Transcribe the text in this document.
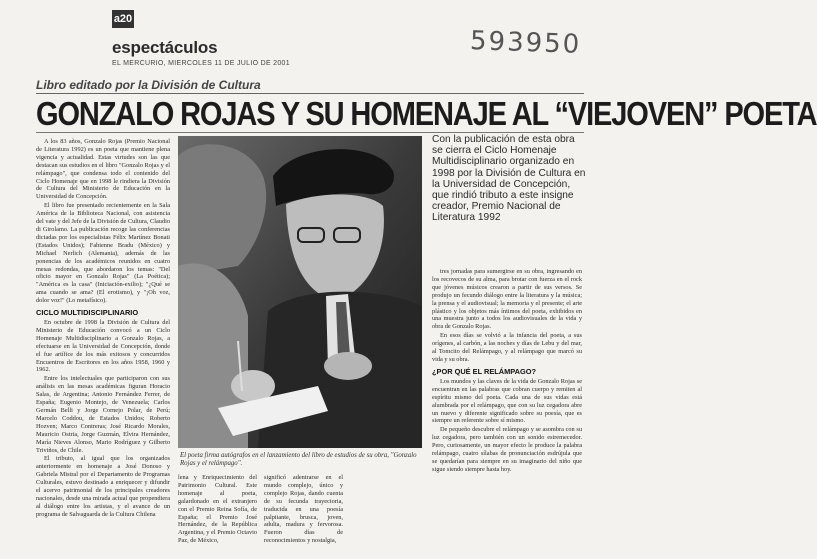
a20
espectáculos
EL MERCURIO, MIERCOLES 11 DE JULIO DE 2001
593950
Libro editado por la División de Cultura
GONZALO ROJAS Y SU HOMENAJE AL “VIEJOVEN” POETA

A los 83 años, Gonzalo Rojas (Premio Nacional de Literatura 1992) es un poeta que mantiene plena vigencia y actualidad. Estas virtudes son las que destacan sus estudios en el libro "Gonzalo Rojas y el relámpago", que condensa todo el contenido del Ciclo Homenaje que en 1998 le rindiera la División de Cultura del Ministerio de Educación en la Universidad de Concepción.

El libro fue presentado recientemente en la Sala América de la Biblioteca Nacional, con asistencia del vate y del Jefe de la División de Cultura, Claudio di Girolamo. La publicación recoge las conferencias dictadas por los especialistas Félix Martínez Bonati (Estados Unidos); Fabienne Bradu (México) y Michael Nerlich (Alemania), además de las ponencias de los académicos reunidos en cuatro mesas redondas, que abordaron los temas: "Del oficio mayor en Gonzalo Rojas" (La Poética); "América es la casa" (Iniciación-exilio); "¿Qué se ama cuando se ama? (El erotismo), y "¡Oh voz, dolor voz!" (Lo metafísico).

CICLO MULTIDISCIPLINARIO

En octubre de 1998 la División de Cultura del Ministerio de Educación convocó a un Ciclo Homenaje Multidisciplinario a Gonzalo Rojas, a efectuarse en la Universidad de Concepción, donde el fue artífice de los más exitosos y concurridos Encuentros de Escritores en los años 1958, 1960 y 1962.

Entre los intelectuales que participaron con sus análisis en las mesas académicas figuran Horacio Salas, de Argentina; Antonio Fernández Ferrer, de España; Eugenio Montejo, de Venezuela; Carlos Germán Belli y Jorge Cornejo Polar, de Perú; Marcelo Coddou, de Estados Unidos; Roberto Hozven; Marco Contreras; José Ricardo Morales, Mauricio Ostria, Jorge Guzmán, Elvira Hernández, María Nieves Alonso, Mario Rodríguez y Gilberto Triviños, de Chile.

El tributo, al igual que los organizados anteriormente en homenaje a José Donoso y Gabriela Mistral por el Departamento de Programas Culturales, estuvo destinado a enriquecer y difundir el acervo patrimonial de los principales creadores nacionales, desde una mirada actual que propendiera al diálogo entre los artistas, y el avance de un programa de Salvaguarda de la Cultura Chilena

El poeta firma autógrafos en el lanzamiento del libro de estudios de su obra, "Gonzalo Rojas y el relámpago".
lena y Enriquecimiento del Patrimonio Cultural. Este homenaje al poeta, galardonado en el extranjero con el Premio Reina Sofía, de España; el Premio José Hernández, de la República Argentina, y el Premio Octavio Paz, de México,
significó adentrarse en el mundo complejo, único y complejo Rojas, dando cuenta de su fecunda trayectoria, traducida en una poesía palpitante, brusca, joven, adulta, madura y fervorosa. Fueron días de reconocimientos y nostalgia,
Con la publicación de esta obra se cierra el Ciclo Homenaje Multidisciplinario organizado en 1998 por la División de Cultura en la Universidad de Concepción, que rindió tributo a este insigne creador, Premio Nacional de Literatura 1992

tres jornadas para sumergirse en su obra, ingresando en los recovecos de su alma, para brotar con fuerza en el rock que jóvenes músicos crearon a partir de sus versos. Se produjo un fecundo diálogo entre la literatura y la música; la prensa y el audiovisual; la memoria y el presente; el arte plástico y los objetos más íntimos del poeta, exhibidos en una muestra junto a todos los audiovisuales de la vida y obra de Gonzalo Rojas.

En esos días se volvió a la infancia del poeta, a sus orígenes, al carbón, a las noches y días de Lebu y del mar, al Tomcito del Relámpago, y al relámpago que marcó su vida y su obra.

¿POR QUÉ EL RELÁMPAGO?

Los mundos y las claves de la vida de Gonzalo Rojas se encuentran en las palabras que cobran cuerpo y remiten al espíritu mismo del poeta. Cada una de sus vidas está alumbrada por el relámpago, que con su luz cegadora abre un nuevo y diferente significado sobre su poesía, que es siempre un referente sobre sí mismo.

De pequeño descubre el relámpago y se asombra con su luz cegadora, pero también con un sonido estremecedor. Pero, curiosamente, un mayor efecto le produce la palabra relámpago, cuatro sílabas de pronunciación esdrújula que se quedarían para siempre en su imaginario del niño que sigue siendo siempre hasta hoy.
